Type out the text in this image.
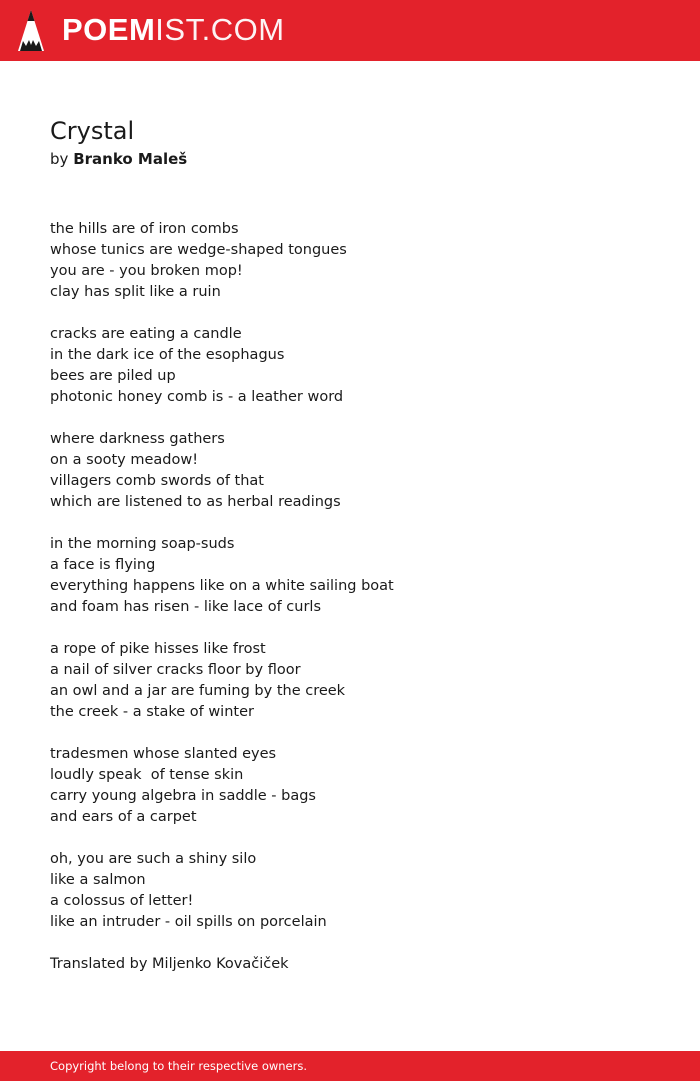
POEMIST.COM
Crystal
by Branko Maleš
the hills are of iron combs
whose tunics are wedge-shaped tongues
you are - you broken mop!
clay has split like a ruin
cracks are eating a candle
in the dark ice of the esophagus
bees are piled up
photonic honey comb is - a leather word
where darkness gathers
on a sooty meadow!
villagers comb swords of that
which are listened to as herbal readings
in the morning soap-suds
a face is flying
everything happens like on a white sailing boat
and foam has risen - like lace of curls
a rope of pike hisses like frost
a nail of silver cracks floor by floor
an owl and a jar are fuming by the creek
the creek - a stake of winter
tradesmen whose slanted eyes
loudly speak  of tense skin
carry young algebra in saddle - bags
and ears of a carpet
oh, you are such a shiny silo
like a salmon
a colossus of letter!
like an intruder - oil spills on porcelain
Translated by Miljenko Kovačiček
Copyright belong to their respective owners.
